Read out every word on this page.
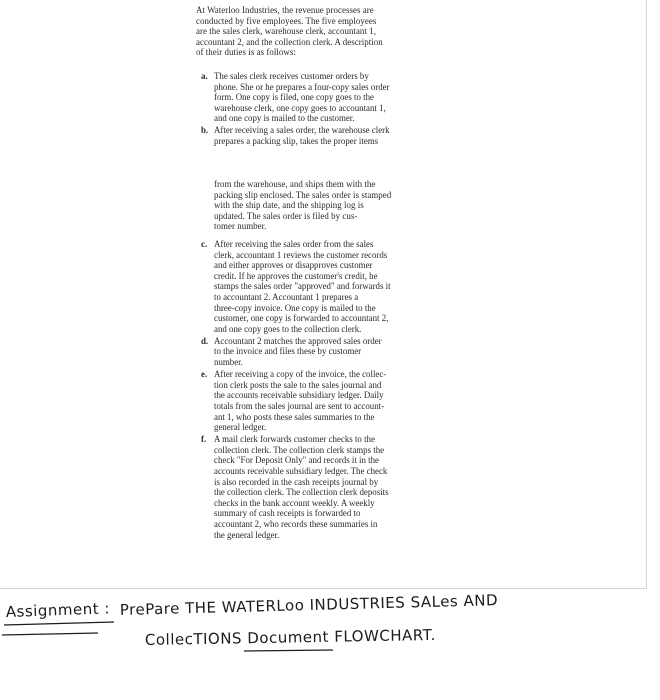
At Waterloo Industries, the revenue processes are
conducted by five employees. The five employees
are the sales clerk, warehouse clerk, accountant 1,
accountant 2, and the collection clerk. A description
of their duties is as follows:
a. The sales clerk receives customer orders by
phone. She or he prepares a four-copy sales order
form. One copy is filed, one copy goes to the
warehouse clerk, one copy goes to accountant 1,
and one copy is mailed to the customer.
b. After receiving a sales order, the warehouse clerk
prepares a packing slip, takes the proper items
from the warehouse, and ships them with the
packing slip enclosed. The sales order is stamped
with the ship date, and the shipping log is
updated. The sales order is filed by cus-
tomer number.
c. After receiving the sales order from the sales
clerk, accountant 1 reviews the customer records
and either approves or disapproves customer
credit. If he approves the customer's credit, he
stamps the sales order "approved" and forwards it
to accountant 2. Accountant 1 prepares a
three-copy invoice. One copy is mailed to the
customer, one copy is forwarded to accountant 2,
and one copy goes to the collection clerk.
d. Accountant 2 matches the approved sales order
to the invoice and files these by customer
number.
e. After receiving a copy of the invoice, the collec-
tion clerk posts the sale to the sales journal and
the accounts receivable subsidiary ledger. Daily
totals from the sales journal are sent to account-
ant 1, who posts these sales summaries to the
general ledger.
f. A mail clerk forwards customer checks to the
collection clerk. The collection clerk stamps the
check "For Deposit Only" and records it in the
accounts receivable subsidiary ledger. The check
is also recorded in the cash receipts journal by
the collection clerk. The collection clerk deposits
checks in the bank account weekly. A weekly
summary of cash receipts is forwarded to
accountant 2, who records these summaries in
the general ledger.
Assignment : PrePare THE WATERLoo INDUSTRIES SALes AND
CollecTIONS Document FLOWCHART.
